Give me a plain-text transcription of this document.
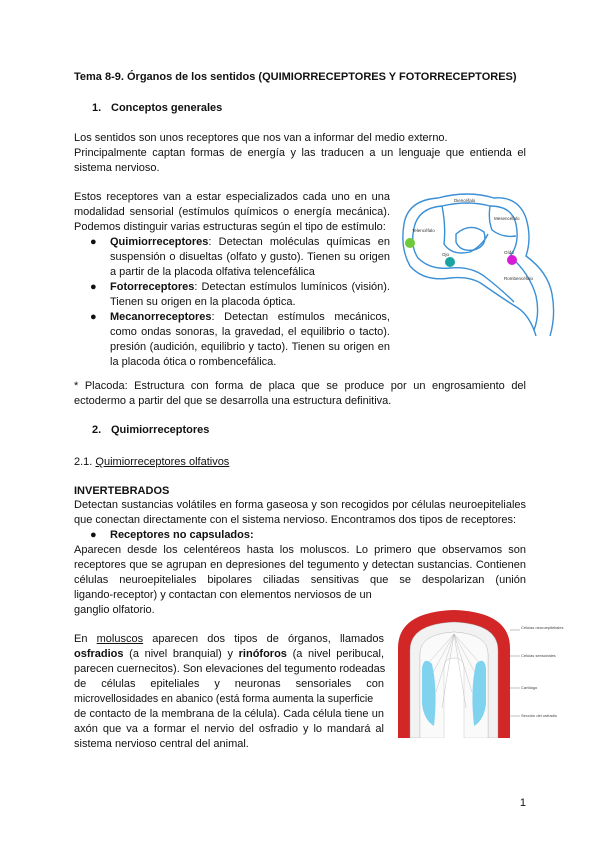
Tema 8-9. Órganos de los sentidos (QUIMIORRECEPTORES Y FOTORRECEPTORES)
1. Conceptos generales
Los sentidos son unos receptores que nos van a informar del medio externo.
Principalmente captan formas de energía y las traducen a un lenguaje que entienda el
sistema nervioso.
Estos receptores van a estar especializados cada uno en una
modalidad sensorial (estímulos químicos o energía mecánica).
Podemos distinguir varias estructuras según el tipo de estímulo:
● Quimiorreceptores: Detectan moléculas químicas en
suspensión o disueltas (olfato y gusto). Tienen su origen
a partir de la placoda olfativa telencefálica
● Fotorreceptores: Detectan estímulos lumínicos (visión).
Tienen su origen en la placoda óptica.
● Mecanorreceptores: Detectan estímulos mecánicos,
como ondas sonoras, la gravedad, el equilibrio o tacto).
presión (audición, equilibrio y tacto). Tienen su origen en
la placoda ótica o rombencefálica.
Diencéfalo
Mesencéfalo
Telencéfalo
Ojo	Oído
Rombencéfalo
* Placoda: Estructura con forma de placa que se produce por un engrosamiento del
ectodermo a partir del que se desarrolla una estructura definitiva.
2. Quimiorreceptores
2.1. Quimiorreceptores olfativos
INVERTEBRADOS
Detectan sustancias volátiles en forma gaseosa y son recogidos por células neuroepiteliales
que conectan directamente con el sistema nervioso. Encontramos dos tipos de receptores:
● Receptores no capsulados:
Aparecen desde los celentéreos hasta los moluscos. Lo primero que observamos son
receptores que se agrupan en depresiones del tegumento y detectan sustancias. Contienen
células neuroepiteliales bipolares ciliadas sensitivas que se despolarizan (unión
ligando-receptor) y contactan con elementos nerviosos de un
ganglio olfatorio.
En moluscos aparecen dos tipos de órganos, llamados
osfradios (a nivel branquial) y rinóforos (a nivel peribucal,
parecen cuernecitos). Son elevaciones del tegumento rodeadas
de células epiteliales y neuronas sensoriales con
microvellosidades en abanico (está forma aumenta la superficie
de contacto de la membrana de la célula). Cada célula tiene un
axón que va a formar el nervio del osfradio y lo mandará al
sistema nervioso central del animal.
Células neuroepiteliales
Células sensoriales
Cartílago
Sección del osfradio
1
